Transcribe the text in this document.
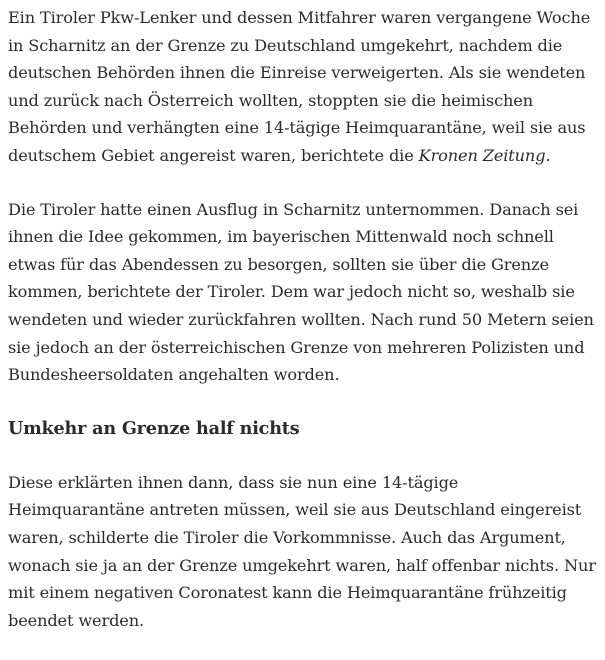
Ein Tiroler Pkw-Lenker und dessen Mitfahrer waren vergangene Woche in Scharnitz an der Grenze zu Deutschland umgekehrt, nachdem die deutschen Behörden ihnen die Einreise verweigerten. Als sie wendeten und zurück nach Österreich wollten, stoppten sie die heimischen Behörden und verhängten eine 14-tägige Heimquarantäne, weil sie aus deutschem Gebiet angereist waren, berichtete die Kronen Zeitung.

Die Tiroler hatte einen Ausflug in Scharnitz unternommen. Danach sei ihnen die Idee gekommen, im bayerischen Mittenwald noch schnell etwas für das Abendessen zu besorgen, sollten sie über die Grenze kommen, berichtete der Tiroler. Dem war jedoch nicht so, weshalb sie wendeten und wieder zurückfahren wollten. Nach rund 50 Metern seien sie jedoch an der österreichischen Grenze von mehreren Polizisten und Bundesheersoldaten angehalten worden.

Umkehr an Grenze half nichts

Diese erklärten ihnen dann, dass sie nun eine 14-tägige Heimquarantäne antreten müssen, weil sie aus Deutschland eingereist waren, schilderte die Tiroler die Vorkommnisse. Auch das Argument, wonach sie ja an der Grenze umgekehrt waren, half offenbar nichts. Nur mit einem negativen Coronatest kann die Heimquarantäne frühzeitig beendet werden.
